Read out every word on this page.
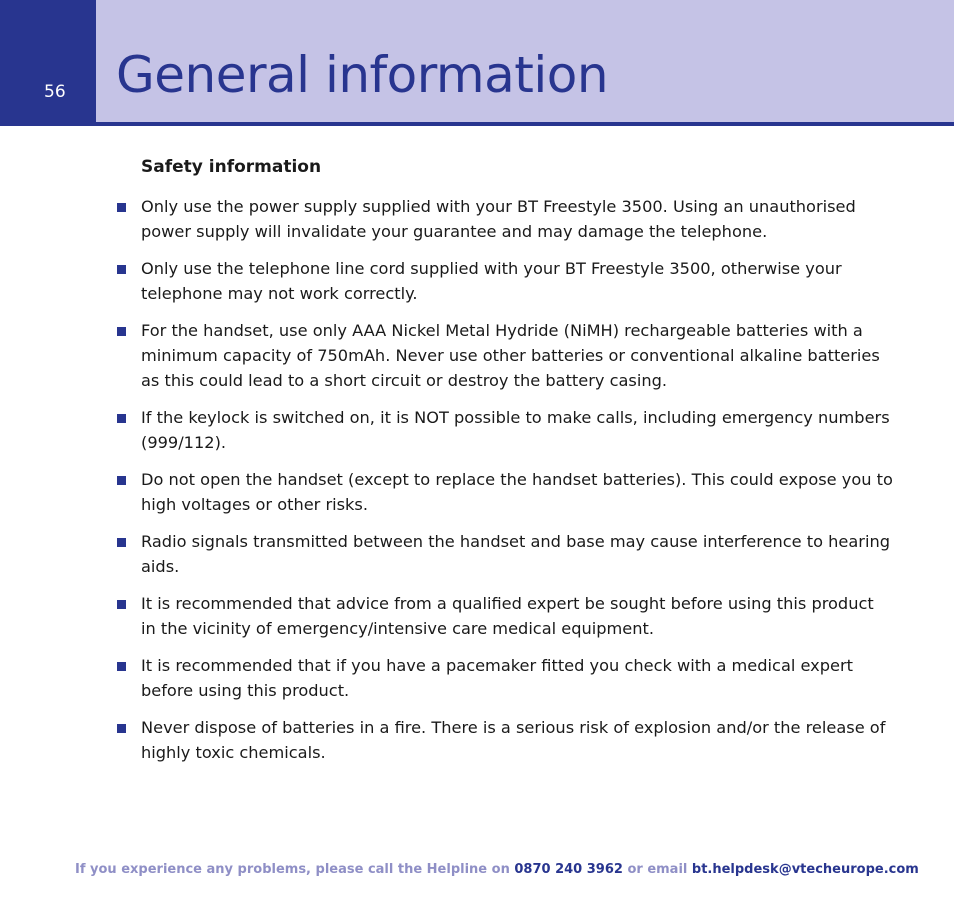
56 General information
Safety information
Only use the power supply supplied with your BT Freestyle 3500. Using an unauthorised power supply will invalidate your guarantee and may damage the telephone.
Only use the telephone line cord supplied with your BT Freestyle 3500, otherwise your telephone may not work correctly.
For the handset, use only AAA Nickel Metal Hydride (NiMH) rechargeable batteries with a minimum capacity of 750mAh. Never use other batteries or conventional alkaline batteries as this could lead to a short circuit or destroy the battery casing.
If the keylock is switched on, it is NOT possible to make calls, including emergency numbers (999/112).
Do not open the handset (except to replace the handset batteries). This could expose you to high voltages or other risks.
Radio signals transmitted between the handset and base may cause interference to hearing aids.
It is recommended that advice from a qualified expert be sought before using this product in the vicinity of emergency/intensive care medical equipment.
It is recommended that if you have a pacemaker fitted you check with a medical expert before using this product.
Never dispose of batteries in a fire. There is a serious risk of explosion and/or the release of highly toxic chemicals.
If you experience any problems, please call the Helpline on 0870 240 3962 or email bt.helpdesk@vtecheurope.com
